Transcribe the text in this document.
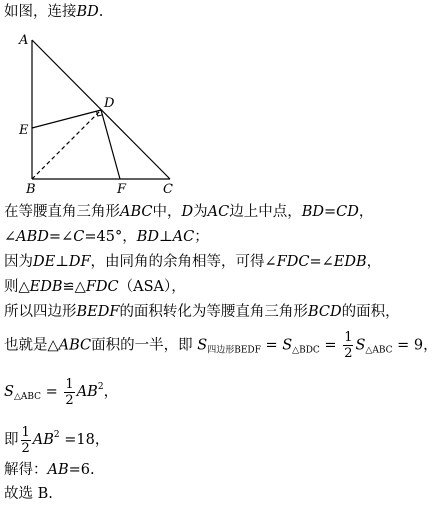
如图，连接BD.
A
D
E
B	F	C
在等腰直角三角形ABC中，D为AC边上中点，BD=CD，
∠ABD=∠C=45°，BD⊥AC；
因为DE⊥DF，由同角的余角相等，可得∠FDC=∠EDB，
则△EDB≌△FDC（ASA），
所以四边形BEDF的面积转化为等腰直角三角形BCD的面积，
也就是△ABC面积的一半，即 $S_{四边形BEDF} = S_{\triangle BDC} = \frac{1}{2} S_{\triangle ABC} = 9$，
$S_{\triangle ABC} = \frac{1}{2} AB^2$，
即 $\frac{1}{2} AB^2 =18$，
解得：AB=6.
故选 B.
